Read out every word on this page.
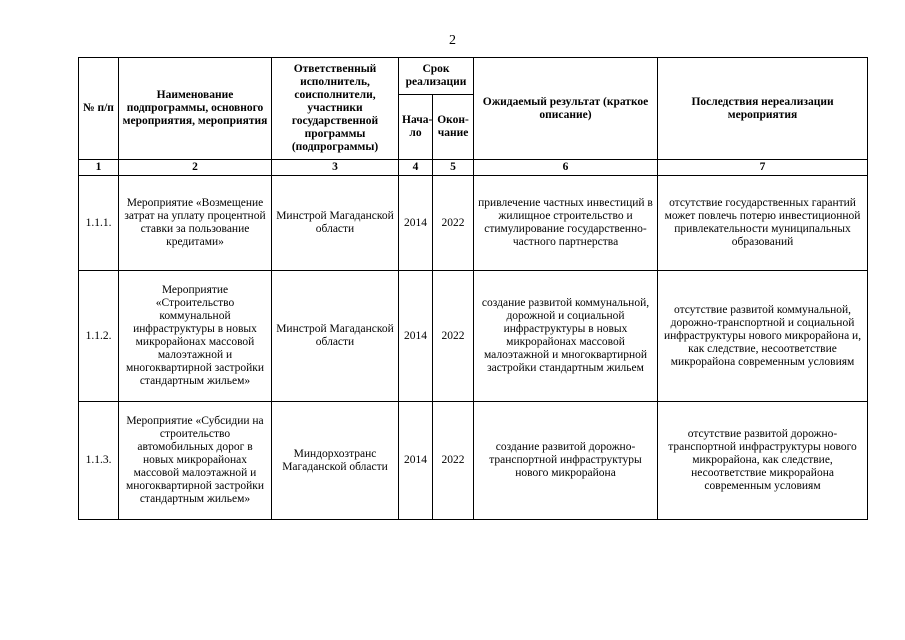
2
№ п/п	Наименование подпрограммы, основного мероприятия, мероприятия	Ответственный исполнитель, соисполнители, участники государственной программы (подпрограммы)	Срок реализации		Ожидаемый результат (краткое описание)	Последствия нереализации мероприятия
			Нача-ло	Окон-чание		
1	2	3	4	5	6	7
1.1.1.	Мероприятие «Возмещение затрат на уплату процентной ставки за пользование кредитами»	Минстрой Магаданской области	2014	2022	привлечение частных инвестиций в жилищное строительство и стимулирование государственно-частного партнерства	отсутствие государственных гарантий может повлечь потерю инвестиционной привлекательности муниципальных образований
1.1.2.	Мероприятие «Строительство коммунальной инфраструктуры в новых микрорайонах массовой малоэтажной и многоквартирной застройки стандартным жильем»	Минстрой Магаданской области	2014	2022	создание развитой коммунальной, дорожной и социальной инфраструктуры в новых микрорайонах массовой малоэтажной и многоквартирной застройки стандартным жильем	отсутствие развитой коммунальной, дорожно-транспортной и социальной инфраструктуры нового микрорайона и, как следствие, несоответствие микрорайона современным условиям
1.1.3.	Мероприятие «Субсидии на строительство автомобильных дорог в новых микрорайонах массовой малоэтажной и многоквартирной застройки стандартным жильем»	Миндорхозтранс Магаданской области	2014	2022	создание развитой дорожно-транспортной инфраструктуры нового микрорайона	отсутствие развитой дорожно-транспортной инфраструктуры нового микрорайона, как следствие, несоответствие микрорайона современным условиям
